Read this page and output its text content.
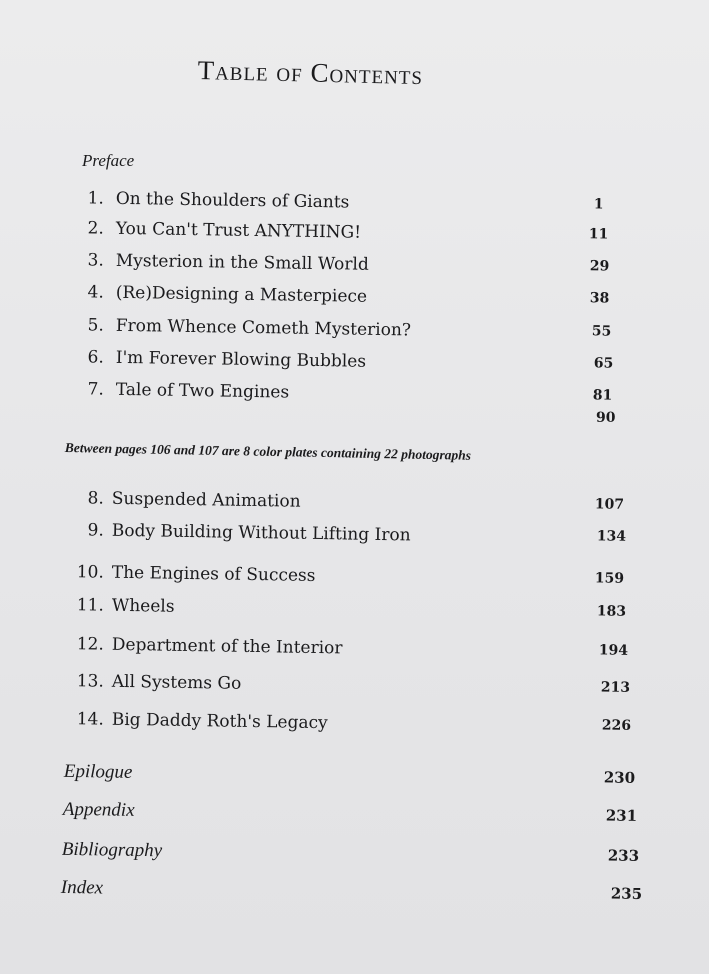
Table of Contents
Preface
1. On the Shoulders of Giants	1
2. You Can't Trust ANYTHING!	11
3. Mysterion in the Small World	29
4. (Re)Designing a Masterpiece	38
5. From Whence Cometh Mysterion?	55
6. I'm Forever Blowing Bubbles	65
7. Tale of Two Engines	81
90
8. Suspended Animation	107
9. Body Building Without Lifting Iron	134
10. The Engines of Success	159
11. Wheels	183
12. Department of the Interior	194
13. All Systems Go	213
14. Big Daddy Roth's Legacy	226
Epilogue	230
Appendix	231
Bibliography	233
Index	235
Between pages 106 and 107 are 8 color plates containing 22 photographs
